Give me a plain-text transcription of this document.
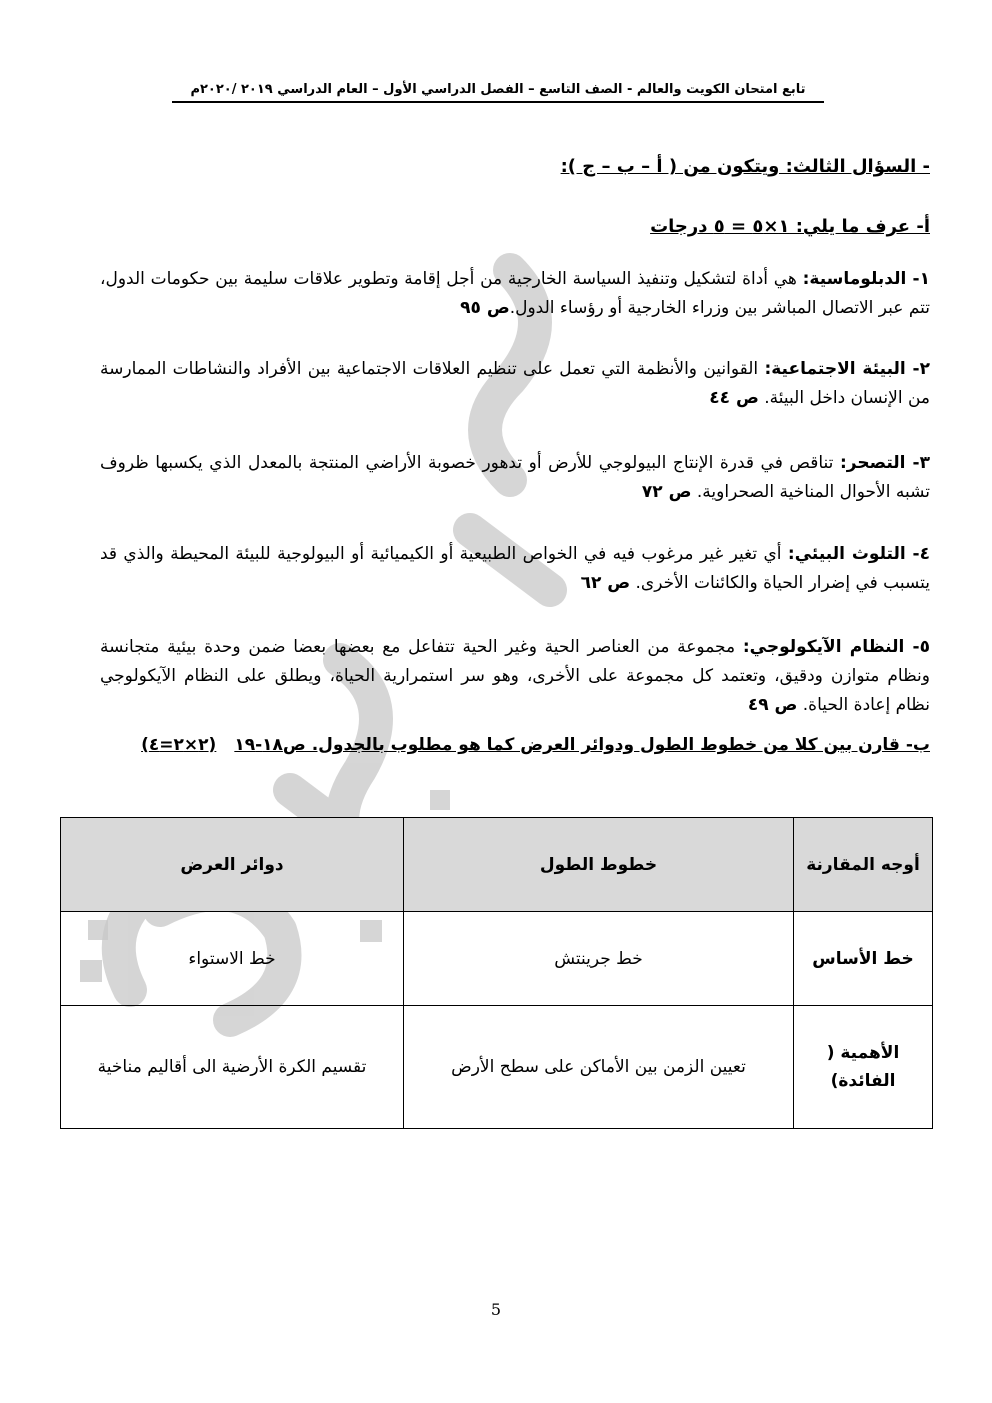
تابع امتحان الكويت والعالم - الصف التاسع – الفصل الدراسي الأول – العام الدراسي ٢٠١٩ /٢٠٢٠م
- السؤال الثالث: ويتكون من ( أ – ب – ج ):
أ- عرف ما يلي: ١×٥ = ٥ درجات
١- الدبلوماسية: هي أداة لتشكيل وتنفيذ السياسة الخارجية من أجل إقامة وتطوير علاقات سليمة بين حكومات الدول، تتم عبر الاتصال المباشر بين وزراء الخارجية أو رؤساء الدول.ص ٩٥
٢- البيئة الاجتماعية: القوانين والأنظمة التي تعمل على تنظيم العلاقات الاجتماعية بين الأفراد والنشاطات الممارسة من الإنسان داخل البيئة. ص ٤٤
٣- التصحر: تناقص في قدرة الإنتاج البيولوجي للأرض أو تدهور خصوبة الأراضي المنتجة بالمعدل الذي يكسبها ظروف تشبه الأحوال المناخية الصحراوية. ص ٧٢
٤- التلوث البيئي: أي تغير غير مرغوب فيه في الخواص الطبيعية أو الكيميائية أو البيولوجية للبيئة المحيطة والذي قد يتسبب في إضرار الحياة والكائنات الأخرى. ص ٦٢
٥- النظام الآيكولوجي: مجموعة من العناصر الحية وغير الحية تتفاعل مع بعضها بعضا ضمن وحدة بيئية متجانسة ونظام متوازن ودقيق، وتعتمد كل مجموعة على الأخرى، وهو سر استمرارية الحياة، ويطلق على النظام الآيكولوجي نظام إعادة الحياة. ص ٤٩
ب- قارن بين كلا من خطوط الطول ودوائر العرض كما هو مطلوب بالجدول. ص١٨-١٩(٢×٢=٤)
أوجه المقارنة	خطوط الطول	دوائر العرض
خط الأساس	خط جرينتش	خط الاستواء
الأهمية ( الفائدة)	تعيين الزمن بين الأماكن على سطح الأرض	تقسيم الكرة الأرضية الى أقاليم مناخية
5
